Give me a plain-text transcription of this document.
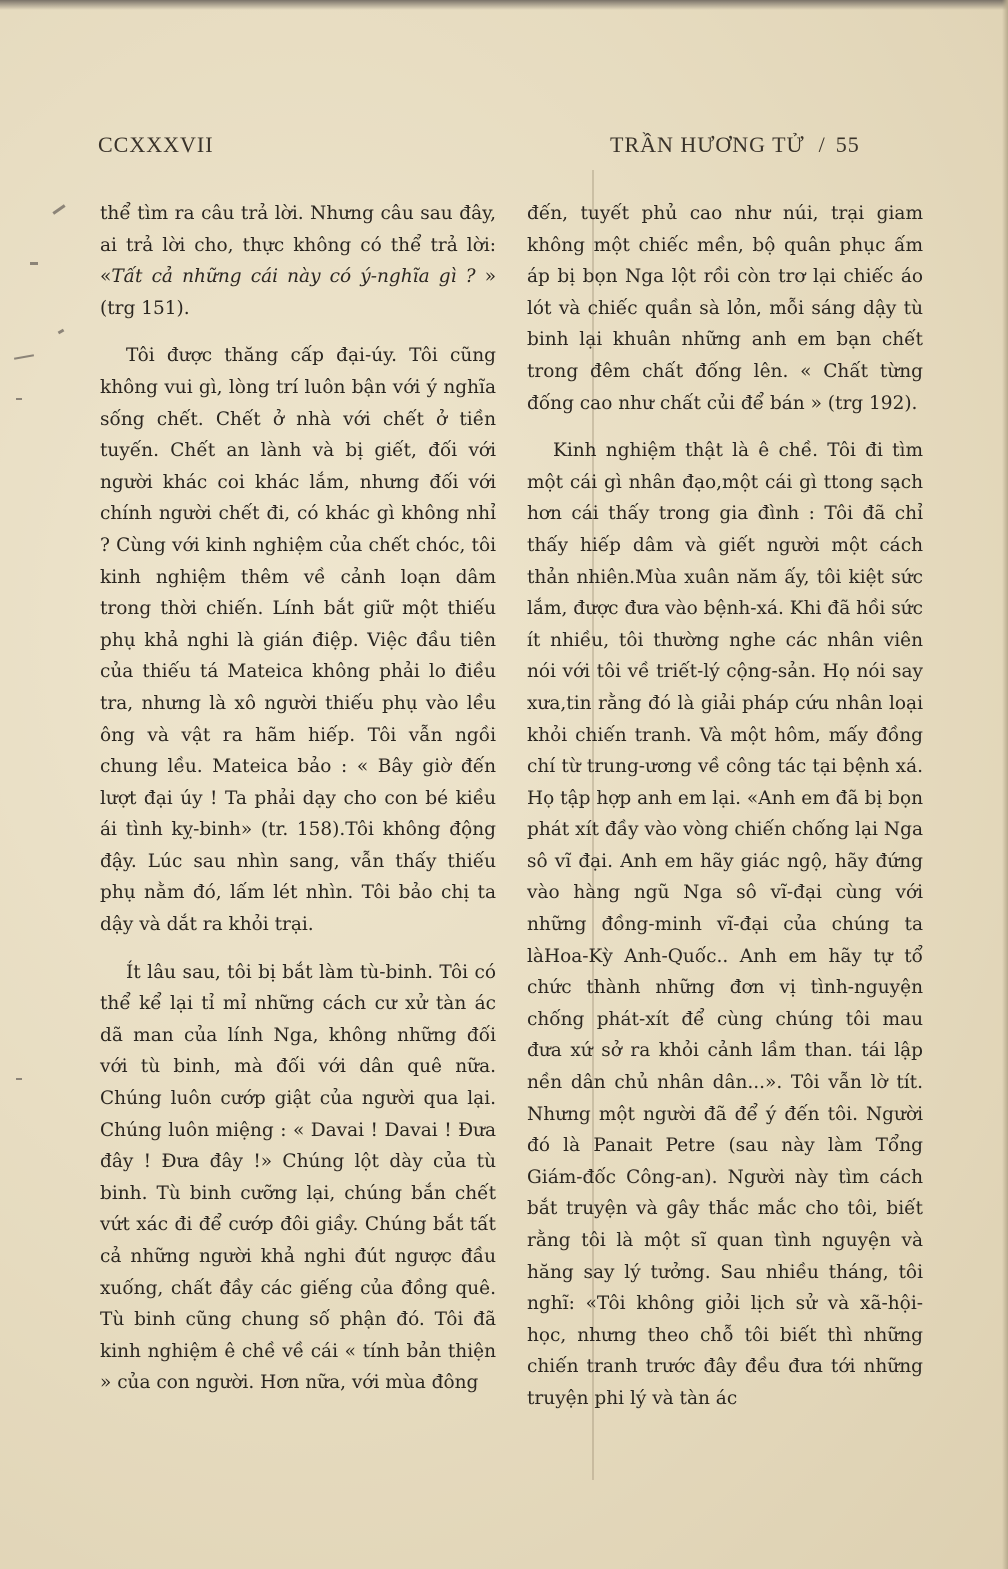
CCXXXVII	TRẦN HƯƠNG TỬ / 55

thể tìm ra câu trả lời. Nhưng câu sau đây, ai trả lời cho, thực không có thể trả lời: «Tất cả những cái này có ý-nghĩa gì ? » (trg 151).

Tôi được thăng cấp đại-úy. Tôi cũng không vui gì, lòng trí luôn bận với ý nghĩa sống chết. Chết ở nhà với chết ở tiền tuyến. Chết an lành và bị giết, đối với người khác coi khác lắm, nhưng đối với chính người chết đi, có khác gì không nhỉ ? Cùng với kinh nghiệm của chết chóc, tôi kinh nghiệm thêm về cảnh loạn dâm trong thời chiến. Lính bắt giữ một thiếu phụ khả nghi là gián điệp. Việc đầu tiên của thiếu tá Mateica không phải lo điều tra, nhưng là xô người thiếu phụ vào lều ông và vật ra hãm hiếp. Tôi vẫn ngồi chung lều. Mateica bảo : « Bây giờ đến lượt đại úy ! Ta phải dạy cho con bé kiều ái tình kỵ-binh» (tr. 158).Tôi không động đậy. Lúc sau nhìn sang, vẫn thấy thiếu phụ nằm đó, lấm lét nhìn. Tôi bảo chị ta dậy và dắt ra khỏi trại.

Ít lâu sau, tôi bị bắt làm tù-binh. Tôi có thể kể lại tỉ mỉ những cách cư xử tàn ác dã man của lính Nga, không những đối với tù binh, mà đối với dân quê nữa. Chúng luôn cướp giật của người qua lại. Chúng luôn miệng : « Davai ! Davai ! Đưa đây ! Đưa đây !» Chúng lột dày của tù binh. Tù binh cưỡng lại, chúng bắn chết vứt xác đi để cướp đôi giầy. Chúng bắt tất cả những người khả nghi đút ngược đầu xuống, chất đầy các giếng của đồng quê. Tù binh cũng chung số phận đó. Tôi đã kinh nghiệm ê chề về cái « tính bản thiện » của con người. Hơn nữa, với mùa đông

đến, tuyết phủ cao như núi, trại giam không một chiếc mền, bộ quân phục ấm áp bị bọn Nga lột rồi còn trơ lại chiếc áo lót và chiếc quần sà lỏn, mỗi sáng dậy tù binh lại khuân những anh em bạn chết trong đêm chất đống lên. « Chất từng đống cao như chất củi để bán » (trg 192).

Kinh nghiệm thật là ê chề. Tôi đi tìm một cái gì nhân đạo,một cái gì ttong sạch hơn cái thấy trong gia đình : Tôi đã chỉ thấy hiếp dâm và giết người một cách thản nhiên.Mùa xuân năm ấy, tôi kiệt sức lắm, được đưa vào bệnh-xá. Khi đã hồi sức ít nhiều, tôi thường nghe các nhân viên nói với tôi về triết-lý cộng-sản. Họ nói say xưa,tin rằng đó là giải pháp cứu nhân loại khỏi chiến tranh. Và một hôm, mấy đồng chí từ trung-ương về công tác tại bệnh xá. Họ tập hợp anh em lại. «Anh em đã bị bọn phát xít đầy vào vòng chiến chống lại Nga sô vĩ đại. Anh em hãy giác ngộ, hãy đứng vào hàng ngũ Nga sô vĩ-đại cùng với những đồng-minh vĩ-đại của chúng ta làHoa-Kỳ Anh-Quốc.. Anh em hãy tự tổ chức thành những đơn vị tình-nguyện chống phát-xít để cùng chúng tôi mau đưa xứ sở ra khỏi cảnh lầm than. tái lập nền dân chủ nhân dân...». Tôi vẫn lờ tít. Nhưng một người đã để ý đến tôi. Người đó là Panait Petre (sau này làm Tổng Giám-đốc Công-an). Người này tìm cách bắt truyện và gây thắc mắc cho tôi, biết rằng tôi là một sĩ quan tình nguyện và hăng say lý tưởng. Sau nhiều tháng, tôi nghĩ: «Tôi không giỏi lịch sử và xã-hội-học, nhưng theo chỗ tôi biết thì những chiến tranh trước đây đều đưa tới những truyện phi lý và tàn ác
